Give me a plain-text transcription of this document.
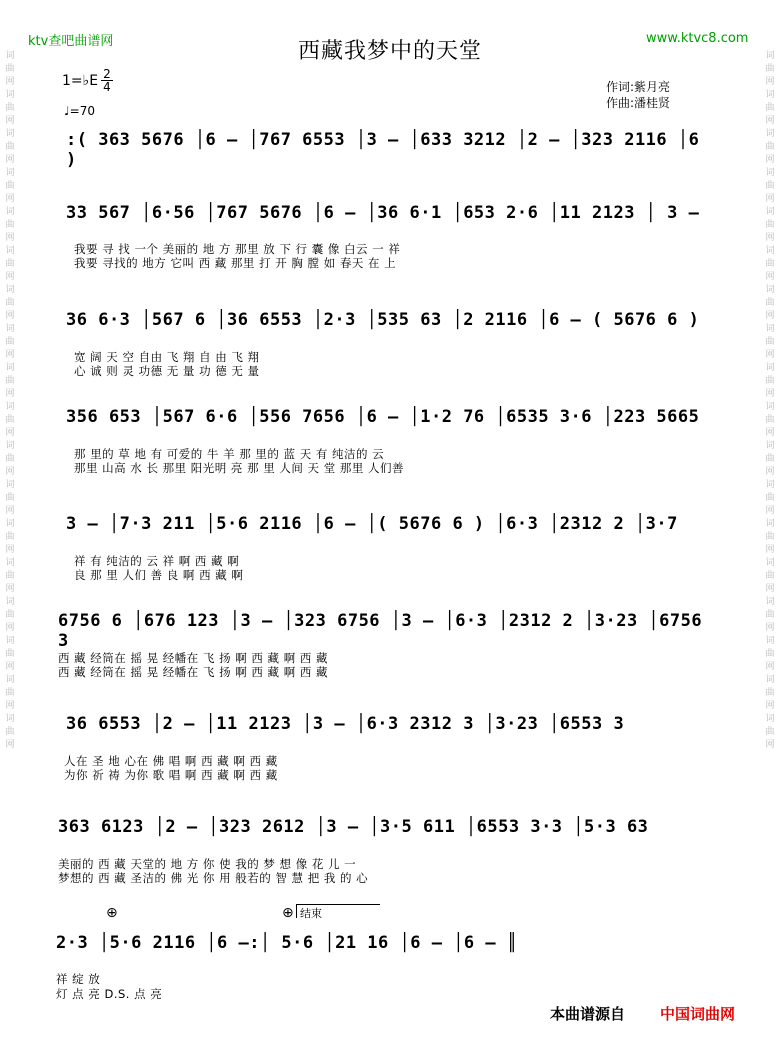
词曲网词曲网词曲网词曲网词曲网词曲网词曲网词曲网词曲网词曲网词曲网词曲网词曲网词曲网词曲网词曲网词曲网词曲网
词曲网词曲网词曲网词曲网词曲网词曲网词曲网词曲网词曲网词曲网词曲网词曲网词曲网词曲网词曲网词曲网词曲网词曲网
ktv查吧曲谱网	www.ktvc8.com
西藏我梦中的天堂
1=♭E 2
4
♩=70
作词:紫月亮
作曲:潘桂贤
:( 363 5676 │6 – │767 6553 │3 – │633 3212 │2 – │323 2116 │6 )
33 567 │6·56 │767 5676 │6 – │36 6·1 │653 2·6 │11 2123 │ 3 –
我要 寻 找 一个 美丽的 地 方 那里 放 下 行 囊 像 白云 一 祥
我要 寻找的 地方 它叫 西 藏 那里 打 开 胸 膛 如 春天 在 上
36 6·3 │567 6 │36 6553 │2·3 │535 63 │2 2116 │6 – ( 5676 6 )
宽 阔 天 空 自由 飞 翔 自 由 飞 翔
心 诚 则 灵 功德 无 量 功 德 无 量
356 653 │567 6·6 │556 7656 │6 – │1·2 76 │6535 3·6 │223 5665
那 里的 草 地 有 可爱的 牛 羊 那 里的 蓝 天 有 纯洁的 云
那里 山高 水 长 那里 阳光明 亮 那 里 人间 天 堂 那里 人们善
3 – │7·3 211 │5·6 2116 │6 – │( 5676 6 ) │6·3 │2312 2 │3·7
祥 有 纯洁的 云 祥 啊 西 藏 啊
良 那 里 人们 善 良 啊 西 藏 啊
6756 6 │676 123 │3 – │323 6756 │3 – │6·3 │2312 2 │3·23 │6756 3
西 藏 经筒在 摇 晃 经幡在 飞 扬 啊 西 藏 啊 西 藏
西 藏 经筒在 摇 晃 经幡在 飞 扬 啊 西 藏 啊 西 藏
36 6553 │2 – │11 2123 │3 – │6·3 2312 3 │3·23 │6553 3
人在 圣 地 心在 佛 唱 啊 西 藏 啊 西 藏
为你 祈 祷 为你 歌 唱 啊 西 藏 啊 西 藏
363 6123 │2 – │323 2612 │3 – │3·5 611 │6553 3·3 │5·3 63
美丽的 西 藏 天堂的 地 方 你 使 我的 梦 想 像 花 儿 一
梦想的 西 藏 圣洁的 佛 光 你 用 般若的 智 慧 把 我 的 心
⊕	⊕ 结束
2·3 │5·6 2116 │6 –:│ 5·6 │21 16 │6 – │6 – ║
祥 绽 放
灯 点 亮 D.S. 点 亮
本曲谱源自 中国词曲网
